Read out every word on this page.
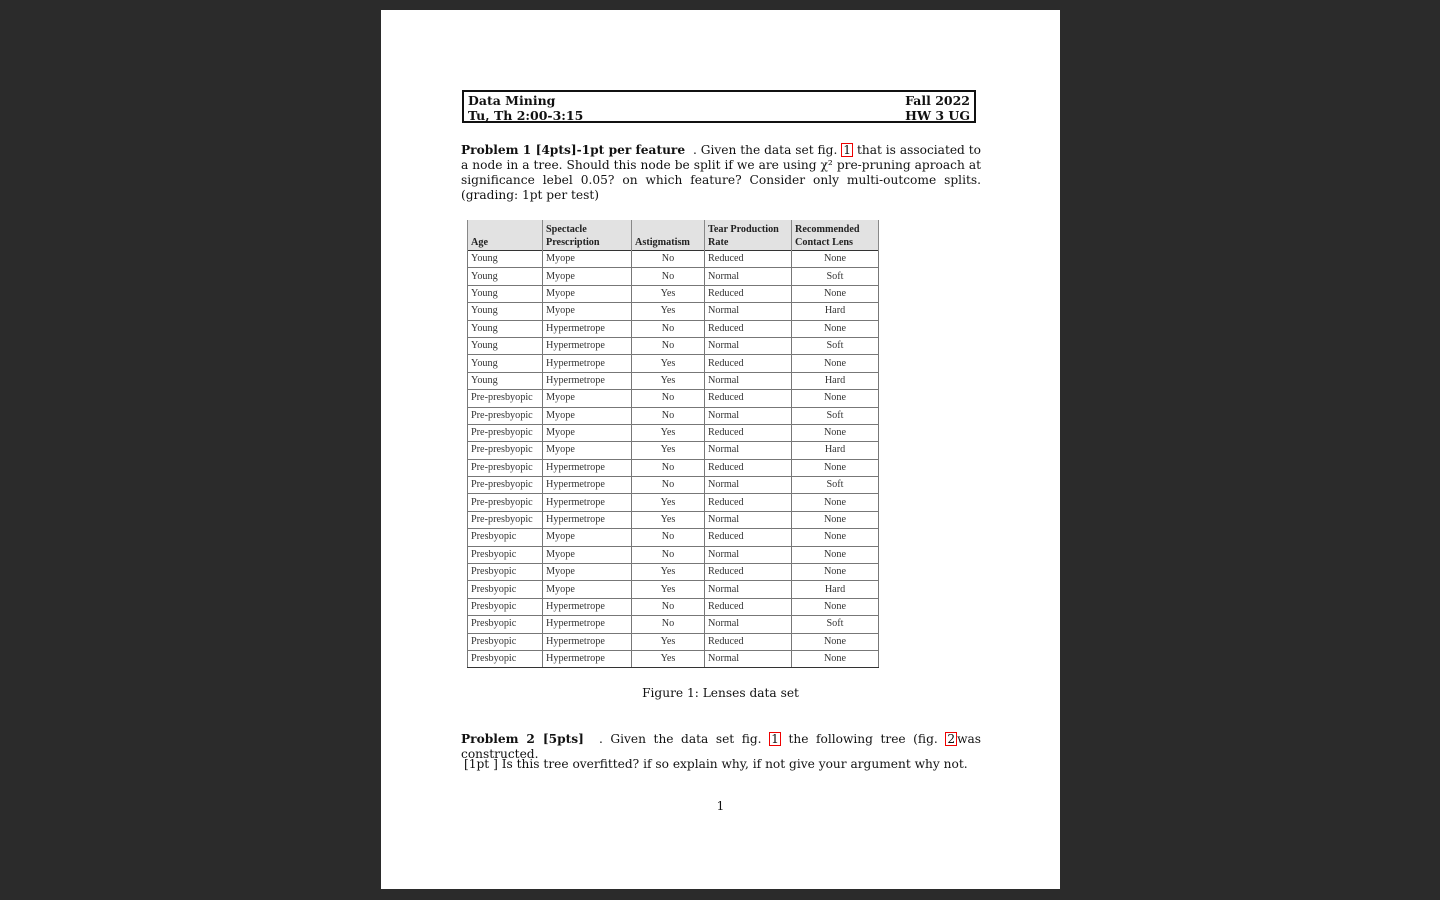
Data Mining
Tu, Th 2:00-3:15
Fall 2022
HW 3 UG
Problem 1 [4pts]-1pt per feature . Given the data set fig. 1 that is associated to a node in a tree. Should this node be split if we are using χ² pre-pruning aproach at significance lebel 0.05? on which feature? Consider only multi-outcome splits. (grading: 1pt per test)
Age	Spectacle Prescription	Astigmatism	Tear Production Rate	Recommended Contact Lens
Young	Myope	No	Reduced	None
Young	Myope	No	Normal	Soft
Young	Myope	Yes	Reduced	None
Young	Myope	Yes	Normal	Hard
Young	Hypermetrope	No	Reduced	None
Young	Hypermetrope	No	Normal	Soft
Young	Hypermetrope	Yes	Reduced	None
Young	Hypermetrope	Yes	Normal	Hard
Pre-presbyopic	Myope	No	Reduced	None
Pre-presbyopic	Myope	No	Normal	Soft
Pre-presbyopic	Myope	Yes	Reduced	None
Pre-presbyopic	Myope	Yes	Normal	Hard
Pre-presbyopic	Hypermetrope	No	Reduced	None
Pre-presbyopic	Hypermetrope	No	Normal	Soft
Pre-presbyopic	Hypermetrope	Yes	Reduced	None
Pre-presbyopic	Hypermetrope	Yes	Normal	None
Presbyopic	Myope	No	Reduced	None
Presbyopic	Myope	No	Normal	None
Presbyopic	Myope	Yes	Reduced	None
Presbyopic	Myope	Yes	Normal	Hard
Presbyopic	Hypermetrope	No	Reduced	None
Presbyopic	Hypermetrope	No	Normal	Soft
Presbyopic	Hypermetrope	Yes	Reduced	None
Presbyopic	Hypermetrope	Yes	Normal	None
Figure 1: Lenses data set
Problem 2 [5pts] . Given the data set fig. 1 the following tree (fig. 2 was constructed.
[1pt ] Is this tree overfitted? if so explain why, if not give your argument why not.
1
